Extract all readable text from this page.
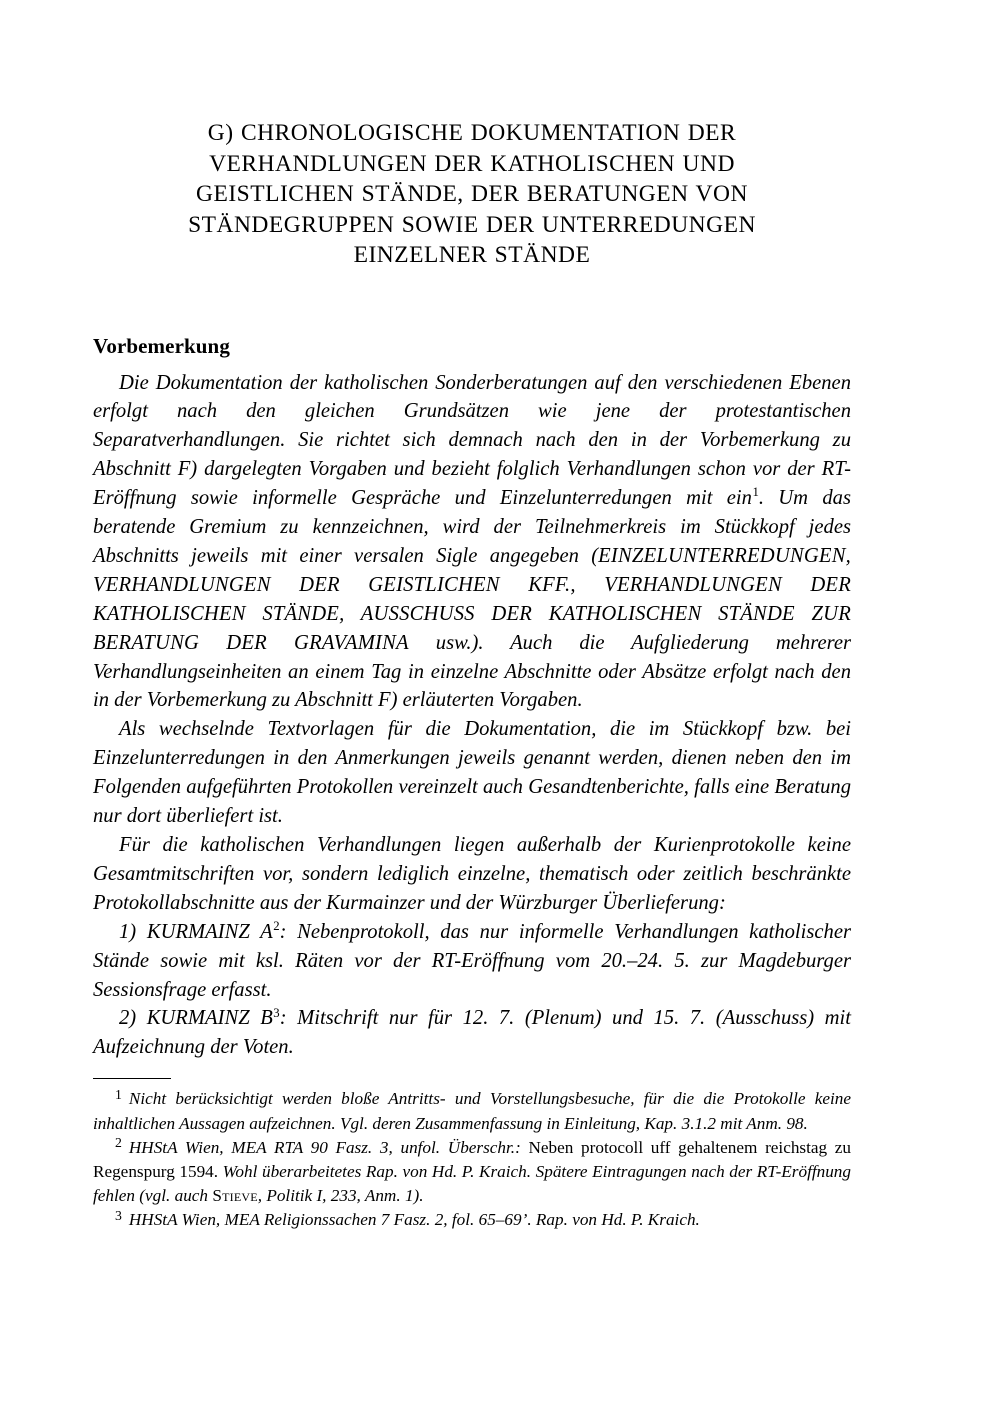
G) CHRONOLOGISCHE DOKUMENTATION DER
VERHANDLUNGEN DER KATHOLISCHEN UND
GEISTLICHEN STÄNDE, DER BERATUNGEN VON
STÄNDEGRUPPEN SOWIE DER UNTERREDUNGEN
EINZELNER STÄNDE
Vorbemerkung

Die Dokumentation der katholischen Sonderberatungen auf den verschiedenen Ebenen erfolgt nach den gleichen Grundsätzen wie jene der protestantischen Separatverhandlungen. Sie richtet sich demnach nach den in der Vorbemerkung zu Abschnitt F) dargelegten Vorgaben und bezieht folglich Verhandlungen schon vor der RT-Eröffnung sowie informelle Gespräche und Einzelunterredungen mit ein$^1$. Um das beratende Gremium zu kennzeichnen, wird der Teilnehmerkreis im Stückkopf jedes Abschnitts jeweils mit einer versalen Sigle angegeben (EINZELUNTERREDUNGEN, VERHANDLUNGEN DER GEISTLICHEN KFF., VERHANDLUNGEN DER KATHOLISCHEN STÄNDE, AUSSCHUSS DER KATHOLISCHEN STÄNDE ZUR BERATUNG DER GRAVAMINA usw.). Auch die Aufgliederung mehrerer Verhandlungseinheiten an einem Tag in einzelne Abschnitte oder Absätze erfolgt nach den in der Vorbemerkung zu Abschnitt F) erläuterten Vorgaben.

Als wechselnde Textvorlagen für die Dokumentation, die im Stückkopf bzw. bei Einzelunterredungen in den Anmerkungen jeweils genannt werden, dienen neben den im Folgenden aufgeführten Protokollen vereinzelt auch Gesandtenberichte, falls eine Beratung nur dort überliefert ist.

Für die katholischen Verhandlungen liegen außerhalb der Kurienprotokolle keine Gesamtmitschriften vor, sondern lediglich einzelne, thematisch oder zeitlich beschränkte Protokollabschnitte aus der Kurmainzer und der Würzburger Überlieferung:

1) KURMAINZ A$^2$: Nebenprotokoll, das nur informelle Verhandlungen katholischer Stände sowie mit ksl. Räten vor der RT-Eröffnung vom 20.–24. 5. zur Magdeburger Sessionsfrage erfasst.

2) KURMAINZ B$^3$: Mitschrift nur für 12. 7. (Plenum) und 15. 7. (Ausschuss) mit Aufzeichnung der Voten.

$^1$ Nicht berücksichtigt werden bloße Antritts- und Vorstellungsbesuche, für die die Protokolle keine inhaltlichen Aussagen aufzeichnen. Vgl. deren Zusammenfassung in Einleitung, Kap. 3.1.2 mit Anm. 98.

$^2$ HHStA Wien, MEA RTA 90 Fasz. 3, unfol. Überschr.: Neben protocoll uff gehaltenem reichstag zu Regenspurg 1594. Wohl überarbeitetes Rap. von Hd. P. Kraich. Spätere Eintragungen nach der RT-Eröffnung fehlen (vgl. auch Stieve, Politik I, 233, Anm. 1).

$^3$ HHStA Wien, MEA Religionssachen 7 Fasz. 2, fol. 65–69’. Rap. von Hd. P. Kraich.
